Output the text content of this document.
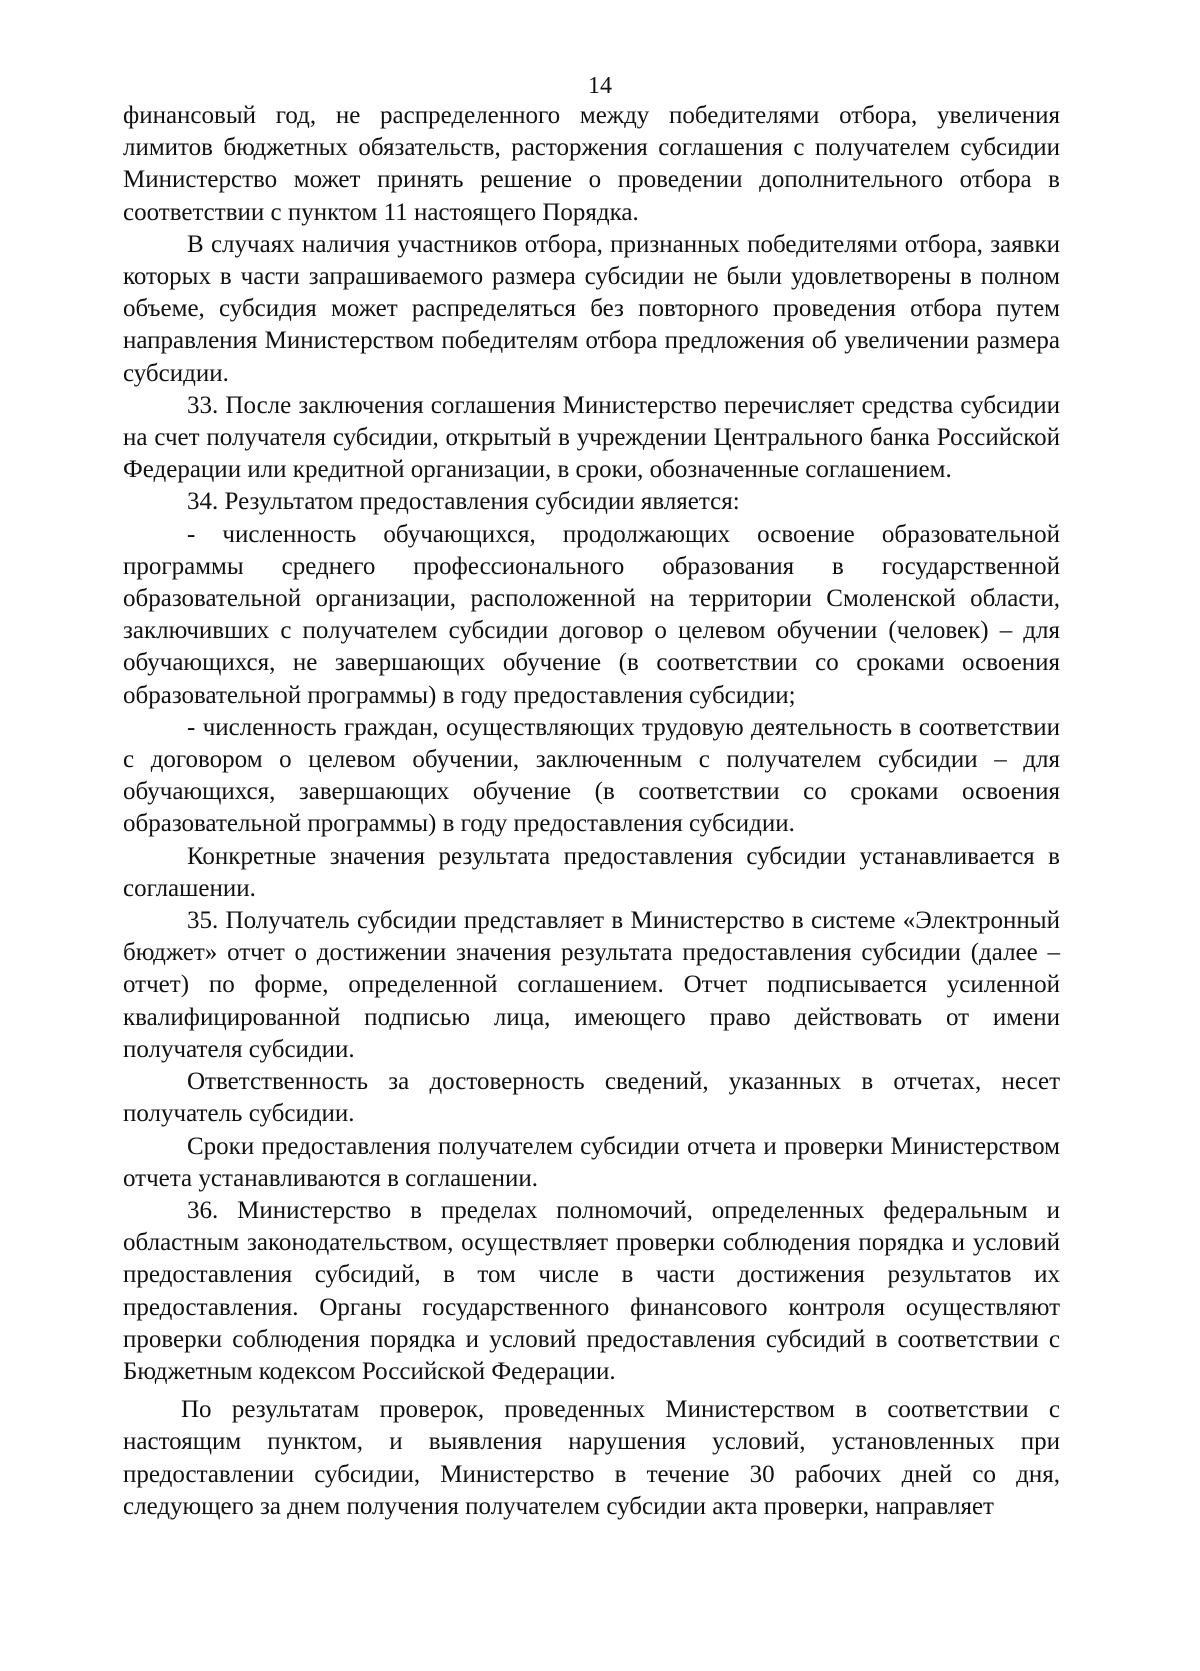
14

финансовый год, не распределенного между победителями отбора, увеличения лимитов бюджетных обязательств, расторжения соглашения с получателем субсидии Министерство может принять решение о проведении дополнительного отбора в соответствии с пунктом 11 настоящего Порядка.

В случаях наличия участников отбора, признанных победителями отбора, заявки которых в части запрашиваемого размера субсидии не были удовлетворены в полном объеме, субсидия может распределяться без повторного проведения отбора путем направления Министерством победителям отбора предложения об увеличении размера субсидии.

33. После заключения соглашения Министерство перечисляет средства субсидии на счет получателя субсидии, открытый в учреждении Центрального банка Российской Федерации или кредитной организации, в сроки, обозначенные соглашением.

34. Результатом предоставления субсидии является:

- численность обучающихся, продолжающих освоение образовательной программы среднего профессионального образования в государственной образовательной организации, расположенной на территории Смоленской области, заключивших с получателем субсидии договор о целевом обучении (человек) – для обучающихся, не завершающих обучение (в соответствии со сроками освоения образовательной программы) в году предоставления субсидии;

- численность граждан, осуществляющих трудовую деятельность в соответствии с договором о целевом обучении, заключенным с получателем субсидии – для обучающихся, завершающих обучение (в соответствии со сроками освоения образовательной программы) в году предоставления субсидии.

Конкретные значения результата предоставления субсидии устанавливается в соглашении.

35. Получатель субсидии представляет в Министерство в системе «Электронный бюджет» отчет о достижении значения результата предоставления субсидии (далее – отчет) по форме, определенной соглашением. Отчет подписывается усиленной квалифицированной подписью лица, имеющего право действовать от имени получателя субсидии.

Ответственность за достоверность сведений, указанных в отчетах, несет получатель субсидии.

Сроки предоставления получателем субсидии отчета и проверки Министерством отчета устанавливаются в соглашении.

36. Министерство в пределах полномочий, определенных федеральным и областным законодательством, осуществляет проверки соблюдения порядка и условий предоставления субсидий, в том числе в части достижения результатов их предоставления. Органы государственного финансового контроля осуществляют проверки соблюдения порядка и условий предоставления субсидий в соответствии с Бюджетным кодексом Российской Федерации.

По результатам проверок, проведенных Министерством в соответствии с настоящим пунктом, и выявления нарушения условий, установленных при предоставлении субсидии, Министерство в течение 30 рабочих дней со дня, следующего за днем получения получателем субсидии акта проверки, направляет
